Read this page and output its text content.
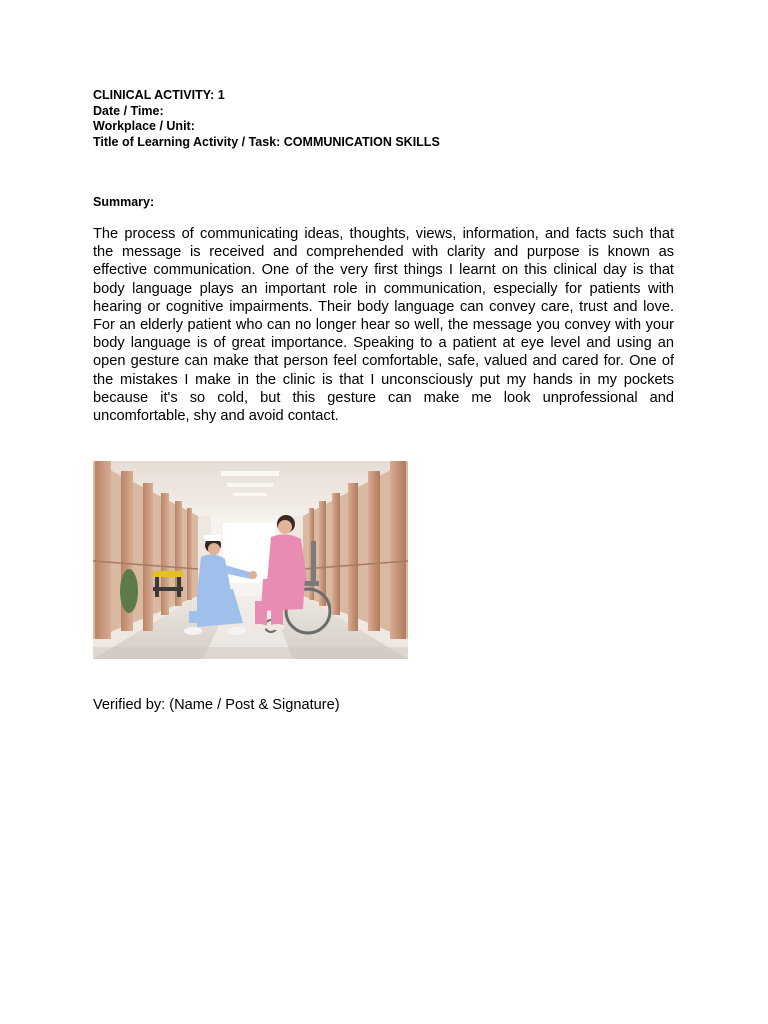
CLINICAL ACTIVITY: 1
Date / Time:
Workplace / Unit:
Title of Learning Activity / Task: COMMUNICATION SKILLS
Summary:
The process of communicating ideas, thoughts, views, information, and facts such that the message is received and comprehended with clarity and purpose is known as effective communication. One of the very first things I learnt on this clinical day is that body language plays an important role in communication, especially for patients with hearing or cognitive impairments. Their body language can convey care, trust and love. For an elderly patient who can no longer hear so well, the message you convey with your body language is of great importance. Speaking to a patient at eye level and using an open gesture can make that person feel comfortable, safe, valued and cared for. One of the mistakes I make in the clinic is that I unconsciously put my hands in my pockets because it's so cold, but this gesture can make me look unprofessional and uncomfortable, shy and avoid contact.
Verified by: (Name / Post & Signature)
